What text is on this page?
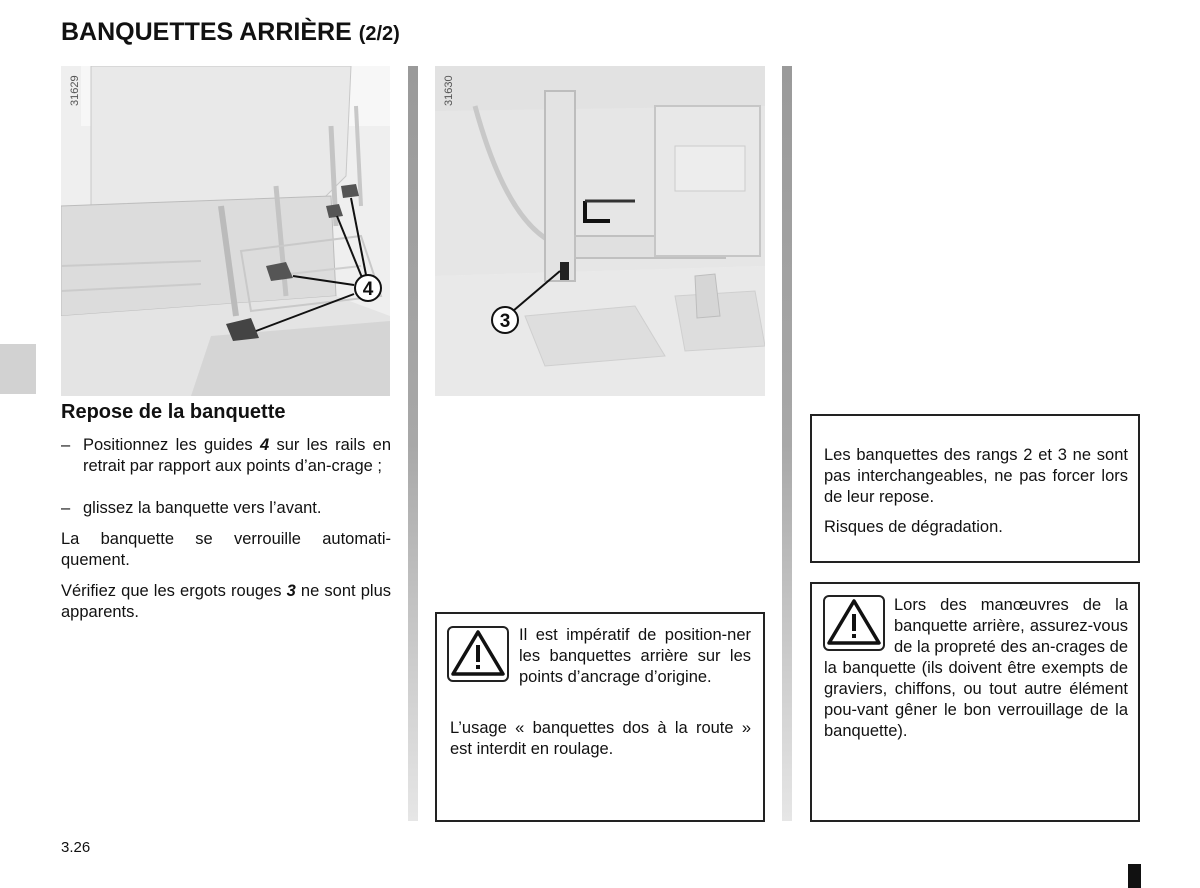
BANQUETTES ARRIÈRE (2/2)
4
31629
3
31630
Repose de la banquette
– Positionnez les guides 4 sur les rails en retrait par rapport aux points d’an-crage ;
– glissez la banquette vers l’avant.
La banquette se verrouille automati-quement.
Vérifiez que les ergots rouges 3 ne sont plus apparents.
Il est impératif de position-ner les banquettes arrière sur les points d’ancrage d’origine.
L’usage « banquettes dos à la route » est interdit en roulage.
Les banquettes des rangs 2 et 3 ne sont pas interchangeables, ne pas forcer lors de leur repose.
Risques de dégradation.
Lors des manœuvres de la banquette arrière, assurez-vous de la propreté des an-crages de la banquette (ils doivent être exempts de graviers, chiffons, ou tout autre élément pou-vant gêner le bon verrouillage de la banquette).
3.26
